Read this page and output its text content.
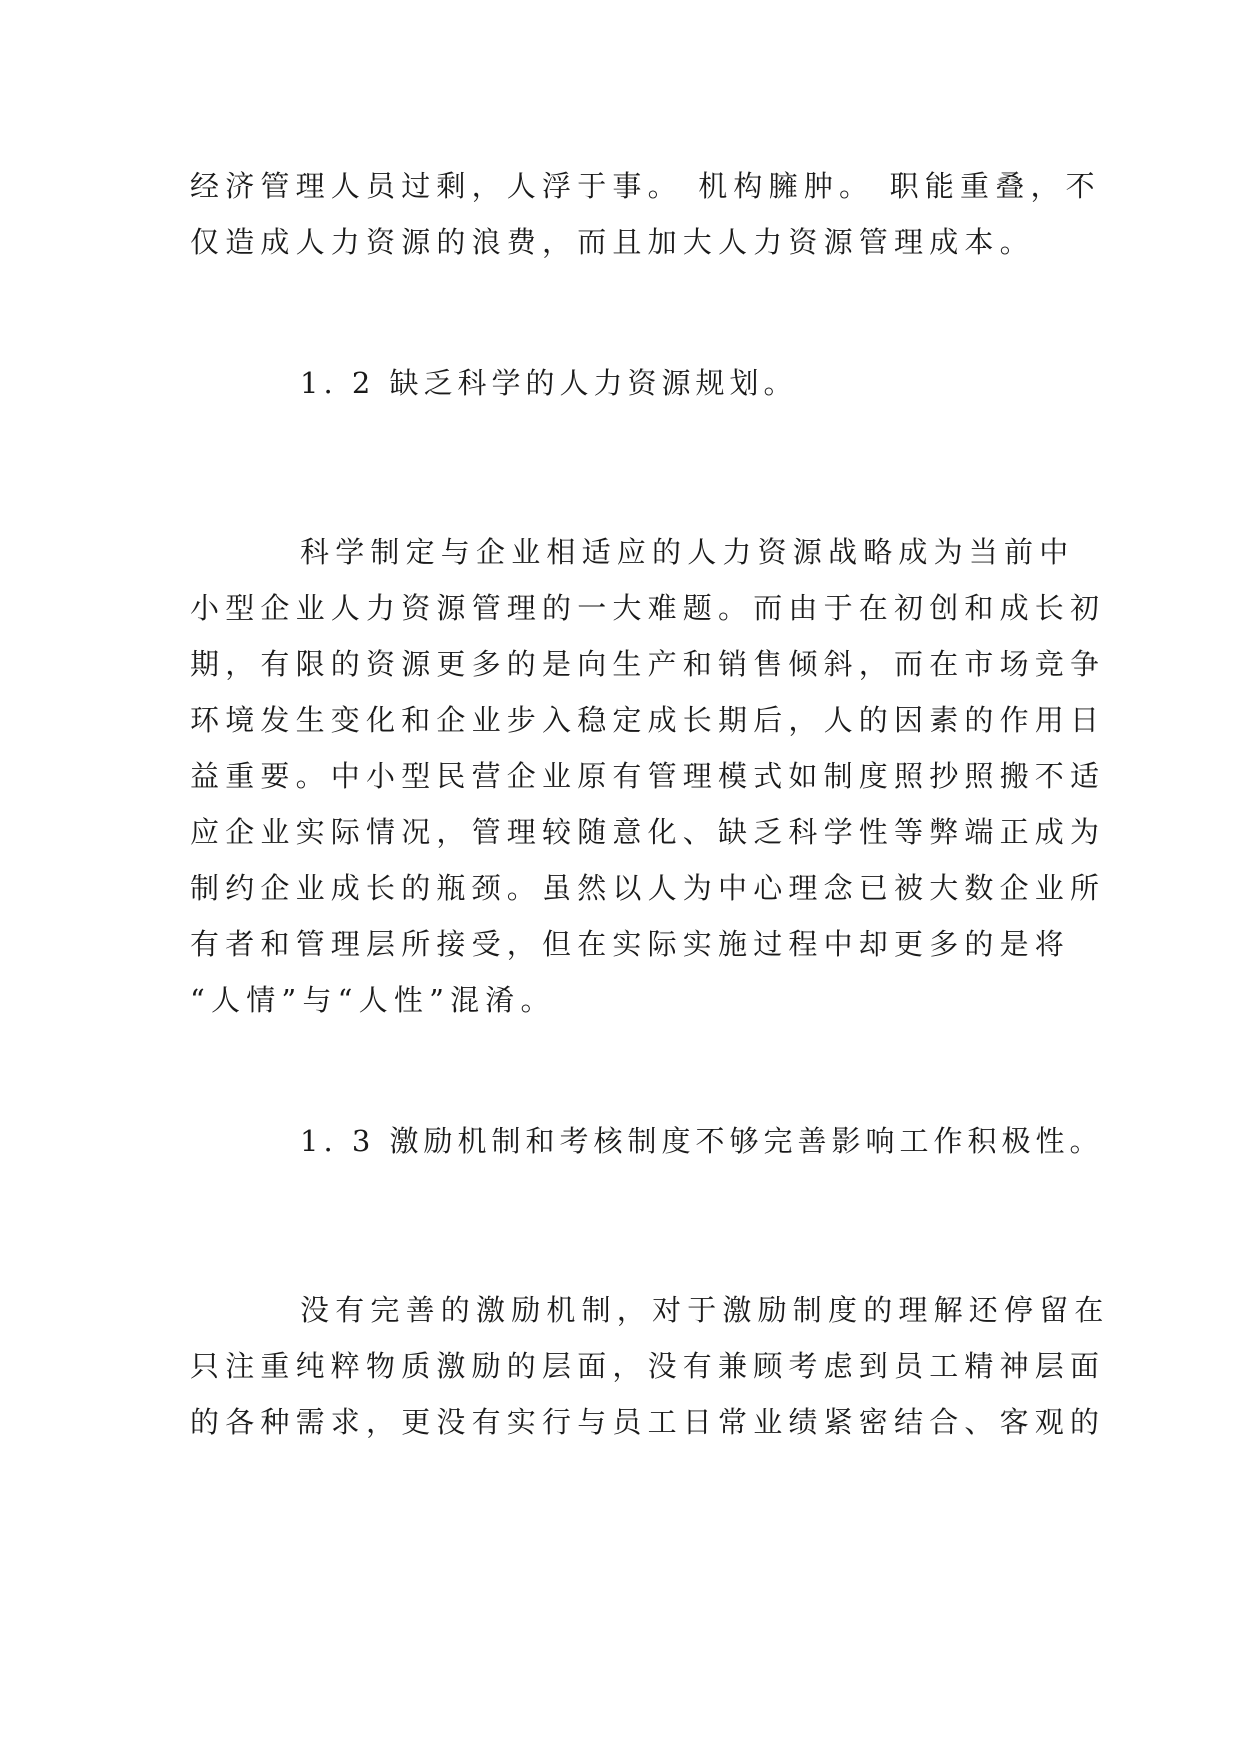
经济管理人员过剩，人浮于事。 机构臃肿。 职能重叠，不
仅造成人力资源的浪费，而且加大人力资源管理成本。
1. 2 缺乏科学的人力资源规划。
科学制定与企业相适应的人力资源战略成为当前中
小型企业人力资源管理的一大难题。而由于在初创和成长初
期，有限的资源更多的是向生产和销售倾斜，而在市场竞争
环境发生变化和企业步入稳定成长期后，人的因素的作用日
益重要。中小型民营企业原有管理模式如制度照抄照搬不适
应企业实际情况，管理较随意化、缺乏科学性等弊端正成为
制约企业成长的瓶颈。虽然以人为中心理念已被大数企业所
有者和管理层所接受，但在实际实施过程中却更多的是将
“人情”与“人性”混淆。
1. 3 激励机制和考核制度不够完善影响工作积极性。
没有完善的激励机制，对于激励制度的理解还停留在
只注重纯粹物质激励的层面，没有兼顾考虑到员工精神层面
的各种需求，更没有实行与员工日常业绩紧密结合、客观的
